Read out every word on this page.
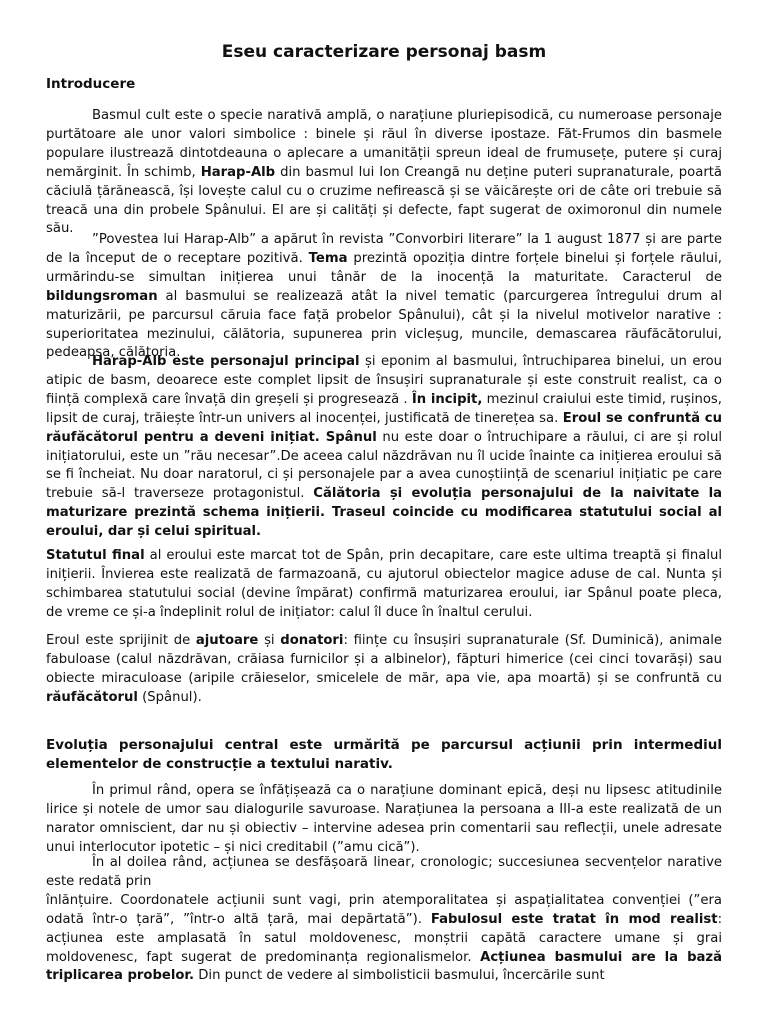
Eseu caracterizare personaj basm
Introducere

Basmul cult este o specie narativă amplă, o narațiune pluriepisodică, cu numeroase personaje purtătoare ale unor valori simbolice : binele și răul în diverse ipostaze. Făt-Frumos din basmele populare ilustrează dintotdeauna o aplecare a umanității spreun ideal de frumusețe, putere și curaj nemărginit. În schimb, Harap-Alb din basmul lui Ion Creangă nu deține puteri supranaturale, poartă căciulă țărănească, își lovește calul cu o cruzime nefirească și se văicărește ori de câte ori trebuie să treacă una din probele Spânului. El are și calități și defecte, fapt sugerat de oximoronul din numele său.

”Povestea lui Harap-Alb” a apărut în revista ”Convorbiri literare” la 1 august 1877 și are parte de la început de o receptare pozitivă. Tema prezintă opoziția dintre forțele binelui și forțele răului, urmărindu-se simultan inițierea unui tânăr de la inocență la maturitate. Caracterul de bildungsroman al basmului se realizează atât la nivel tematic (parcurgerea întregului drum al maturizării, pe parcursul căruia face față probelor Spânului), cât și la nivelul motivelor narative : superioritatea mezinului, călătoria, supunerea prin vicleșug, muncile, demascarea răufăcătorului, pedeapsa, călătoria.

Harap-Alb este personajul principal și eponim al basmului, întruchiparea binelui, un erou atipic de basm, deoarece este complet lipsit de însușiri supranaturale și este construit realist, ca o ființă complexă care învață din greșeli și progresează . În incipit, mezinul craiului este timid, rușinos, lipsit de curaj, trăiește într-un univers al inocenței, justificată de tinerețea sa. Eroul se confruntă cu răufăcătorul pentru a deveni inițiat. Spânul nu este doar o întruchipare a răului, ci are și rolul inițiatorului, este un ”rău necesar”.De aceea calul năzdrăvan nu îl ucide înainte ca inițierea eroului să se fi încheiat. Nu doar naratorul, ci și personajele par a avea cunoștiință de scenariul inițiatic pe care trebuie să-l traverseze protagonistul. Călătoria și evoluția personajului de la naivitate la maturizare prezintă schema inițierii. Traseul coincide cu modificarea statutului social al eroului, dar și celui spiritual.

Statutul final al eroului este marcat tot de Spân, prin decapitare, care este ultima treaptă și finalul inițierii. Învierea este realizată de farmazoană, cu ajutorul obiectelor magice aduse de cal. Nunta și schimbarea statutului social (devine împărat) confirmă maturizarea eroului, iar Spânul poate pleca, de vreme ce și-a îndeplinit rolul de inițiator: calul îl duce în înaltul cerului.

Eroul este sprijinit de ajutoare și donatori: ființe cu însușiri supranaturale (Sf. Duminică), animale fabuloase (calul năzdrăvan, crăiasa furnicilor și a albinelor), făpturi himerice (cei cinci tovarăși) sau obiecte miraculoase (aripile crăieselor, smicelele de măr, apa vie, apa moartă) și se confruntă cu răufăcătorul (Spânul).

Evoluția personajului central este urmărită pe parcursul acțiunii prin intermediul elementelor de construcție a textului narativ.

În primul rând, opera se înfățișează ca o narațiune dominant epică, deși nu lipsesc atitudinile lirice și notele de umor sau dialogurile savuroase. Narațiunea la persoana a III-a este realizată de un narator omniscient, dar nu și obiectiv – intervine adesea prin comentarii sau reflecții, unele adresate unui interlocutor ipotetic – și nici creditabil (”amu cică”).

În al doilea rând, acțiunea se desfășoară linear, cronologic; succesiunea secvențelor narative este redată prin
înlănțuire. Coordonatele acțiunii sunt vagi, prin atemporalitatea și aspațialitatea convenției (”era odată într-o țară”, ”într-o altă țară, mai depărtată”). Fabulosul este tratat în mod realist: acțiunea este amplasată în satul moldovenesc, monștrii capătă caractere umane și grai moldovenesc, fapt sugerat de predominanța regionalismelor. Acțiunea basmului are la bază triplicarea probelor. Din punct de vedere al simbolisticii basmului, încercările sunt
